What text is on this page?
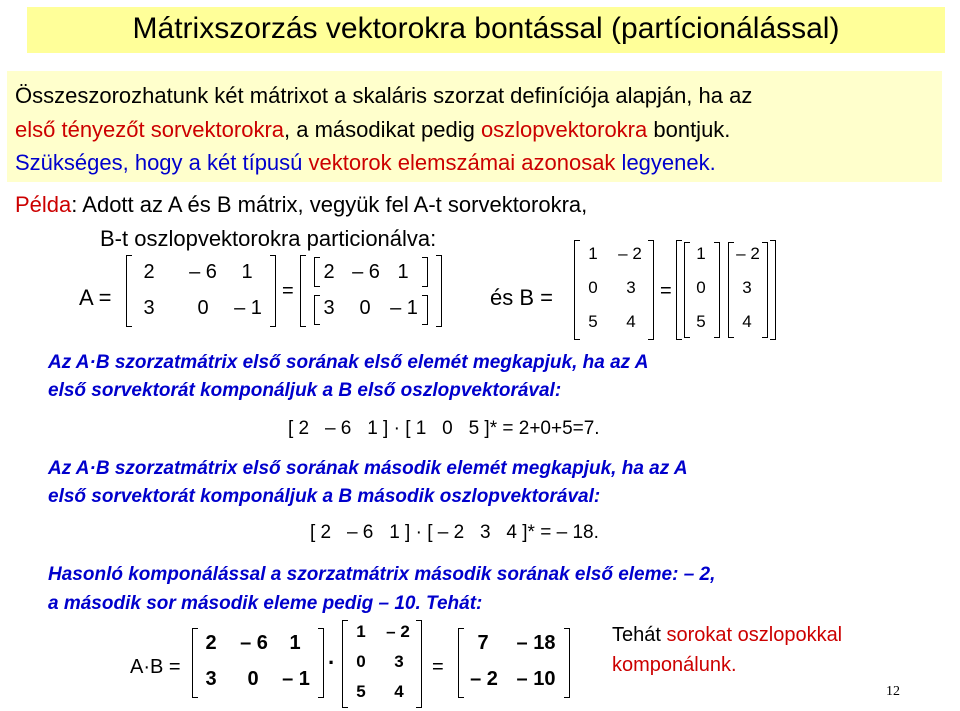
Mátrixszorzás vektorokra bontással (partícionálással)
Összeszorozhatunk két mátrixot a skaláris szorzat definíciója alapján, ha az
első tényezőt sorvektorokra, a másodikat pedig oszlopvektorokra bontjuk.
Szükséges, hogy a két típusú vektorok elemszámai azonosak legyenek.
Példa: Adott az A és B mátrix, vegyük fel A-t sorvektorokra,
B-t oszlopvektorokra particionálva:
A =
2	– 6	1
3	0	– 1
=
2 – 6 1
3	0 – 1	és B =
1	– 2
0	3
5	4
=
1	– 2
0	3
5	4
Az A·B szorzatmátrix első sorának első elemét megkapjuk, ha az A
első sorvektorát komponáljuk a B első oszlopvektorával:
[ 2   – 6   1 ] · [ 1   0   5 ]* = 2+0+5=7.
Az A·B szorzatmátrix első sorának második elemét megkapjuk, ha az A
első sorvektorát komponáljuk a B második oszlopvektorával:
[ 2   – 6   1 ] · [ – 2   3   4 ]* = – 18.
Hasonló komponálással a szorzatmátrix második sorának első eleme: – 2,
a második sor második eleme pedig – 10. Tehát:
A·B =
2	– 6	1
3	0	– 1
·
1	– 2
0	3
5	4
=
7	– 18
– 2 – 10
Tehát sorokat oszlopokkal
komponálunk.
12
